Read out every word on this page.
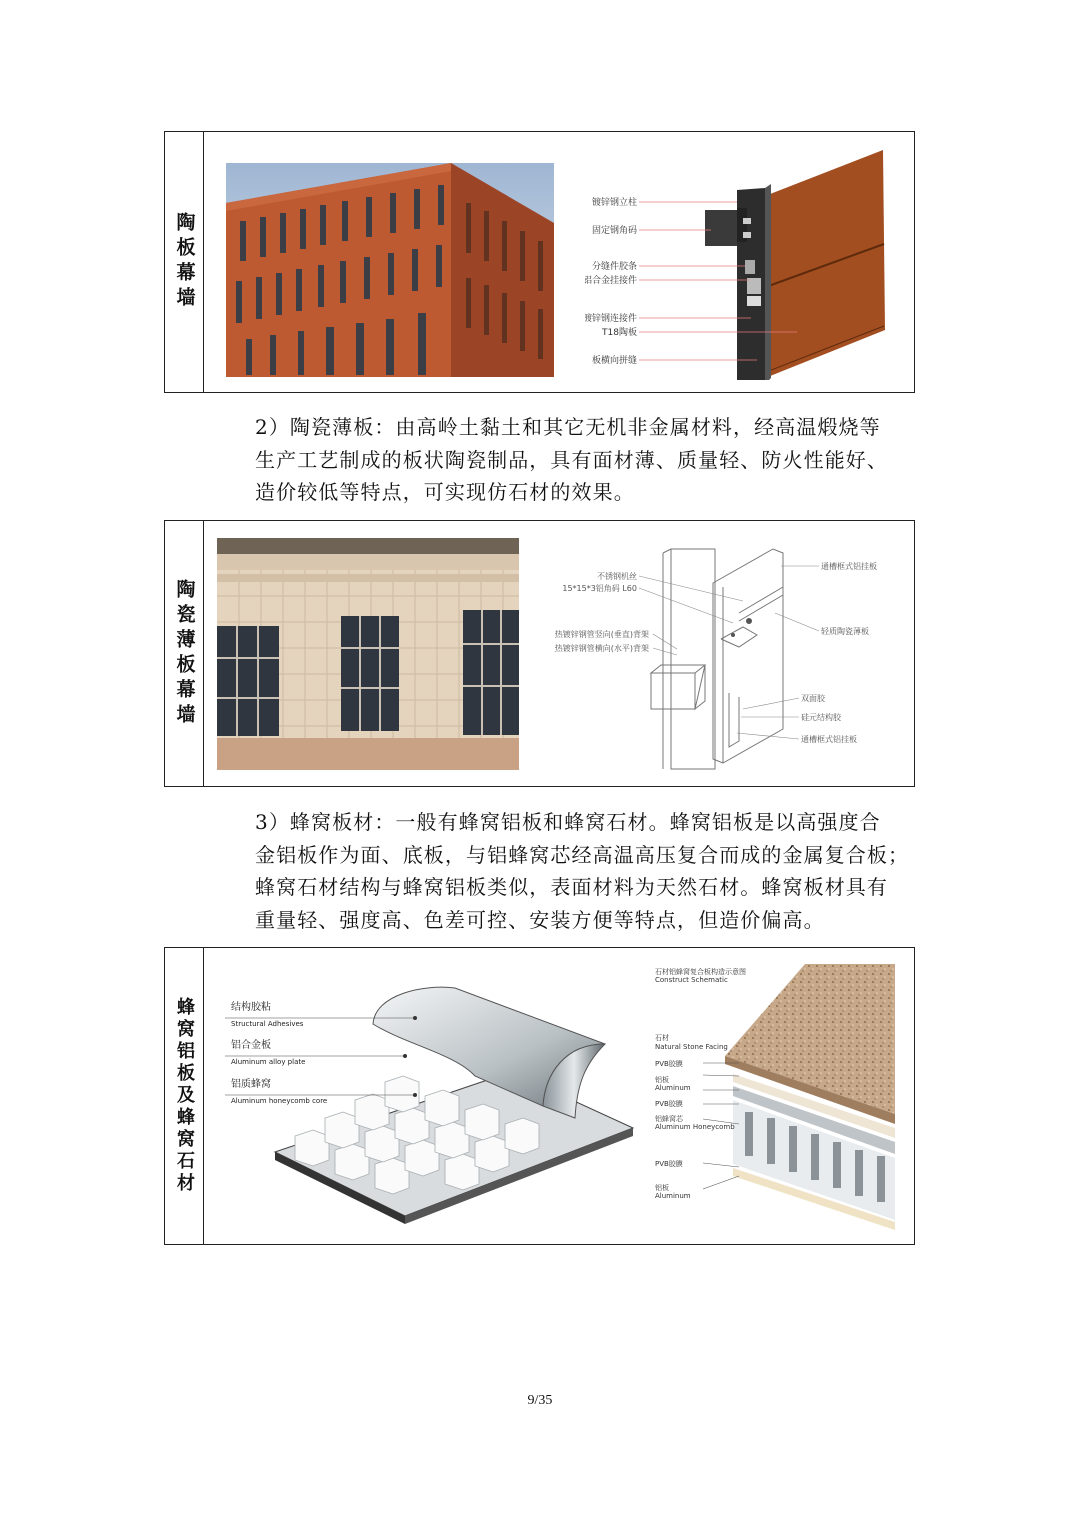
陶板幕墙
镀锌钢立柱
固定钢角码
分缝件胶条
铝合金挂接件
镀锌钢连接件
T18陶板
板横向拼缝
2）陶瓷薄板：由高岭土黏土和其它无机非金属材料，经高温煅烧等
生产工艺制成的板状陶瓷制品，具有面材薄、质量轻、防火性能好、
造价较低等特点，可实现仿石材的效果。
陶瓷薄板幕墙
不锈钢机丝
15*15*3铝角码 L60
热镀锌钢管竖向(垂直)背架
热镀锌钢管横向(水平)背架
通槽框式铝挂板
轻质陶瓷薄板
双面胶
硅元结构胶
通槽框式铝挂板
3）蜂窝板材：一般有蜂窝铝板和蜂窝石材。蜂窝铝板是以高强度合
金铝板作为面、底板，与铝蜂窝芯经高温高压复合而成的金属复合板；
蜂窝石材结构与蜂窝铝板类似，表面材料为天然石材。蜂窝板材具有
重量轻、强度高、色差可控、安装方便等特点，但造价偏高。
蜂窝铝板及蜂窝石材	结构胶粘
Structural Adhesives
铝合金板
Aluminum alloy plate
铝质蜂窝
Aluminum honeycomb core
石材铝蜂窝复合板构造示意图
Construct Schematic
石材
Natural Stone Facing
PVB胶膜
铝板
Aluminum
PVB胶膜
铝蜂窝芯
Aluminum Honeycomb
PVB胶膜
铝板
Aluminum
9/35
